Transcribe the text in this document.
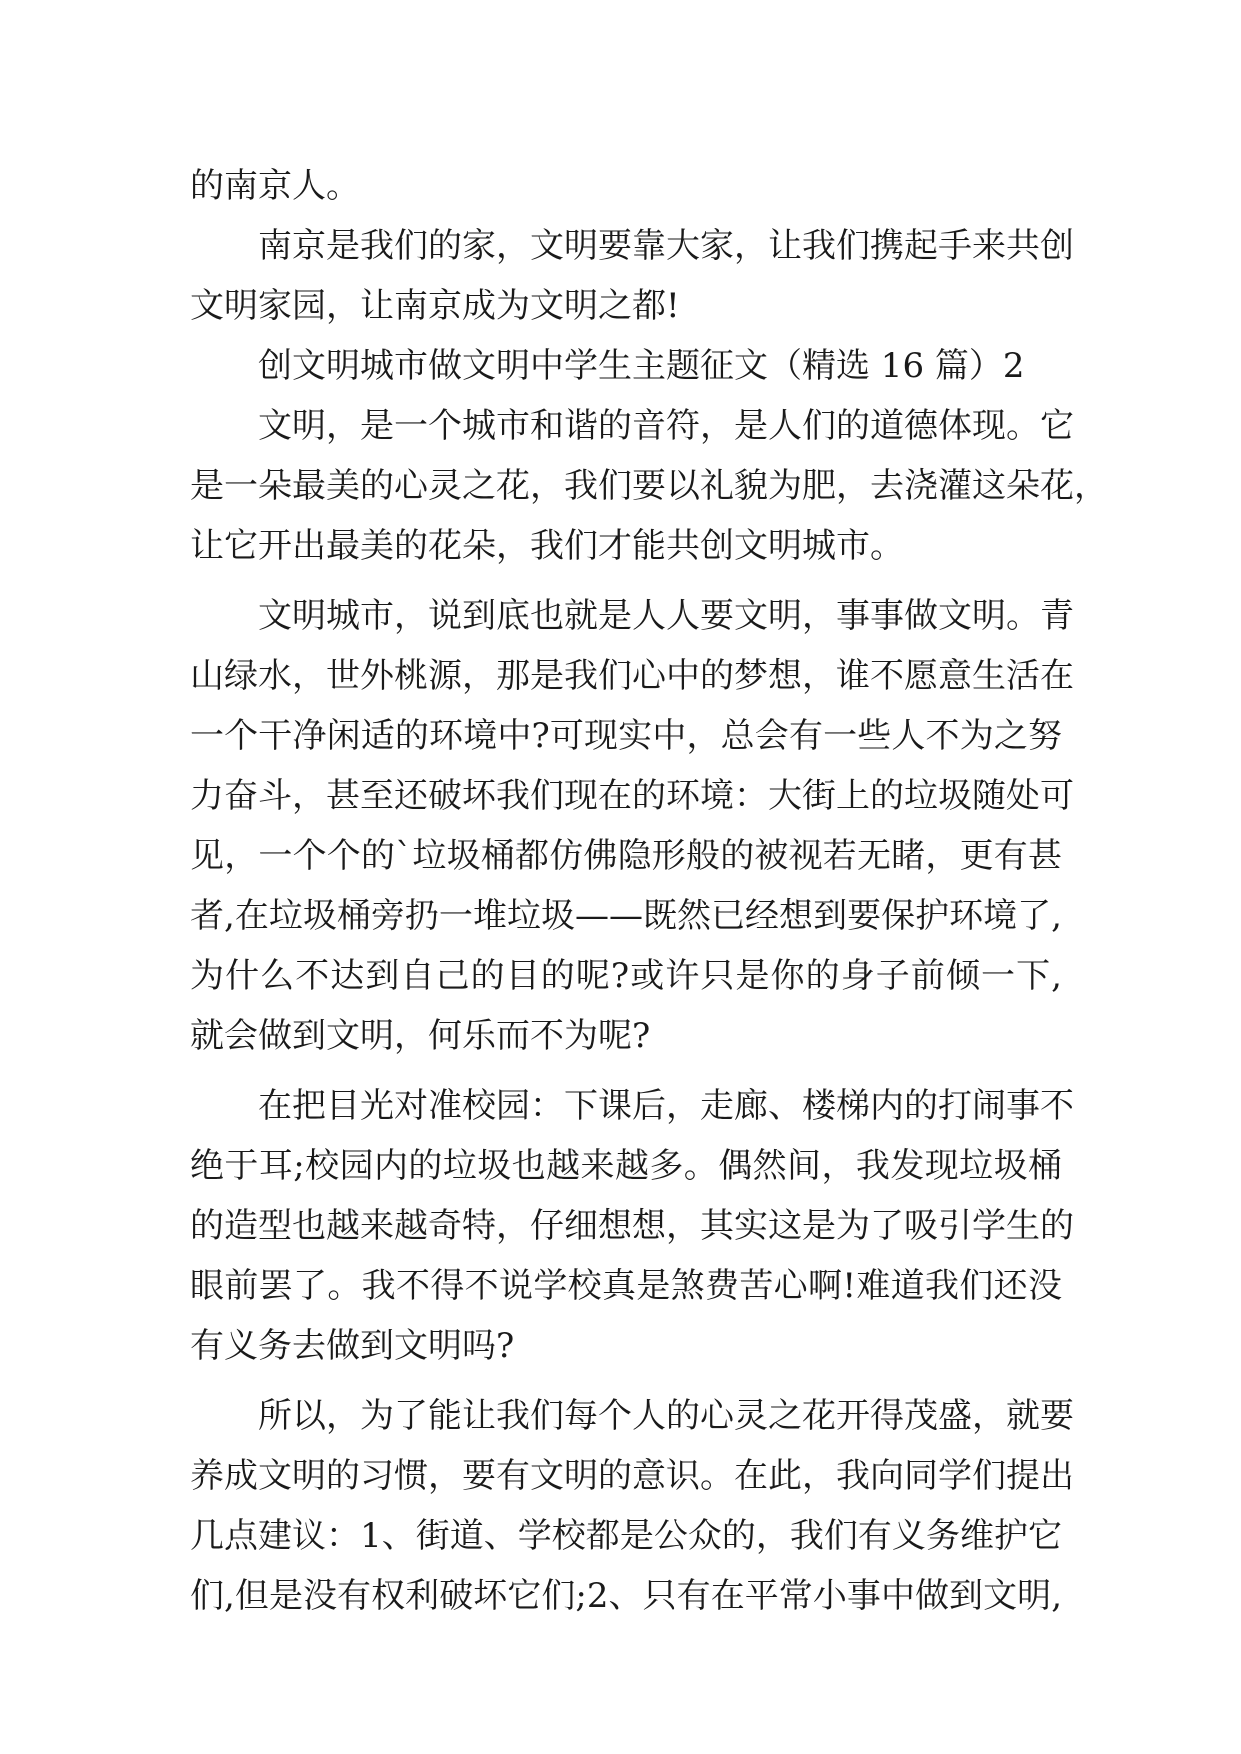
的南京人。
南京是我们的家，文明要靠大家，让我们携起手来共创
文明家园，让南京成为文明之都!
创文明城市做文明中学生主题征文（精选 16 篇）2
文明，是一个城市和谐的音符，是人们的道德体现。它
是一朵最美的心灵之花，我们要以礼貌为肥，去浇灌这朵花，
让它开出最美的花朵，我们才能共创文明城市。
文明城市，说到底也就是人人要文明，事事做文明。青
山绿水，世外桃源，那是我们心中的梦想，谁不愿意生活在
一个干净闲适的环境中?可现实中，总会有一些人不为之努
力奋斗，甚至还破坏我们现在的环境：大街上的垃圾随处可
见，一个个的`垃圾桶都仿佛隐形般的被视若无睹，更有甚
者,在垃圾桶旁扔一堆垃圾——既然已经想到要保护环境了,
为什么不达到自己的目的呢?或许只是你的身子前倾一下,
就会做到文明，何乐而不为呢?
在把目光对准校园：下课后，走廊、楼梯内的打闹事不
绝于耳;校园内的垃圾也越来越多。偶然间，我发现垃圾桶
的造型也越来越奇特，仔细想想，其实这是为了吸引学生的
眼前罢了。我不得不说学校真是煞费苦心啊!难道我们还没
有义务去做到文明吗?
所以，为了能让我们每个人的心灵之花开得茂盛，就要
养成文明的习惯，要有文明的意识。在此，我向同学们提出
几点建议：1、街道、学校都是公众的，我们有义务维护它
们,但是没有权利破坏它们;2、只有在平常小事中做到文明,
